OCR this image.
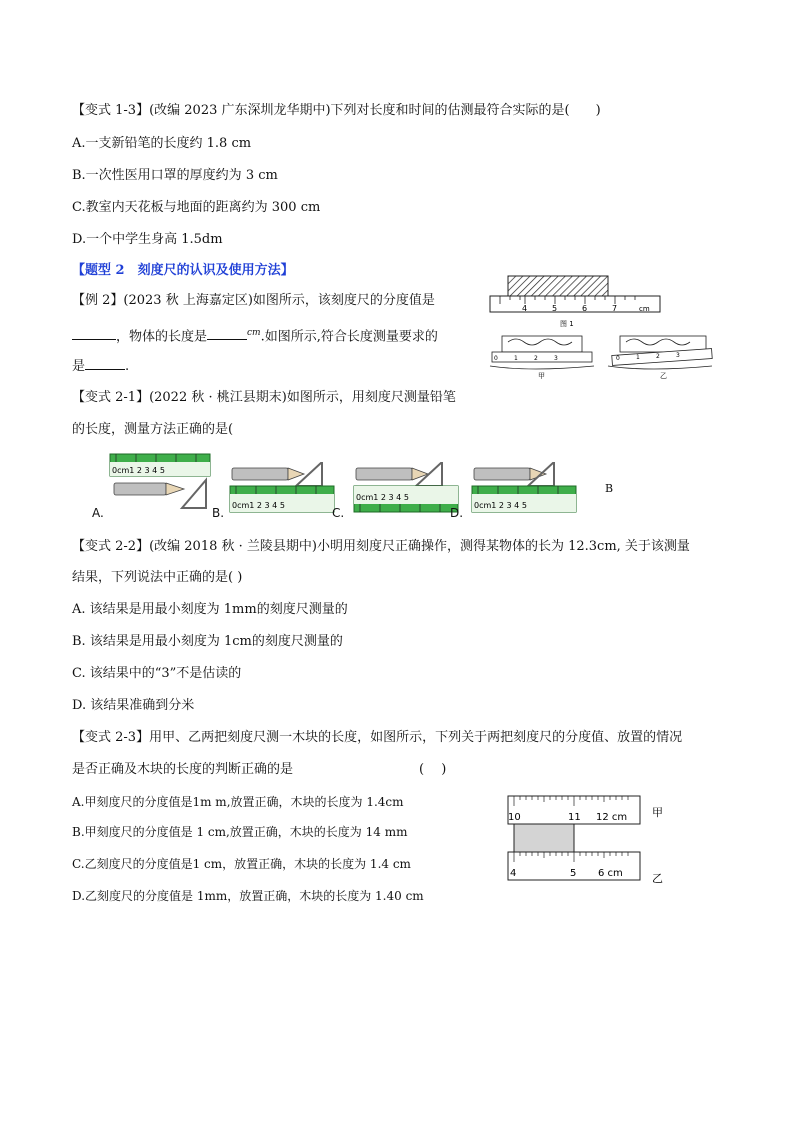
【变式 1-3】(改编 2023 广东深圳龙华期中)下列对长度和时间的估测最符合实际的是(　　)
A.一支新铅笔的长度约 1.8 cm
B.一次性医用口罩的厚度约为 3 cm
C.教室内天花板与地面的距离约为 300 cm
D.一个中学生身高 1.5dm
【题型 2　刻度尺的认识及使用方法】
【例 2】(2023 秋 上海嘉定区)如图所示，该刻度尺的分度值是
，物体的长度是	$^{cm}$.如图所示,符合长度测量要求的
是	.
4	5	6	7	cm
图 1
0	1	2	3
甲
0	1	2	3
乙
【变式 2-1】(2022 秋 · 桃江县期末)如图所示，用刻度尺测量铅笔
的长度，测量方法正确的是(
0cm1 2 3 4 5
A.
0cm1 2 3 4 5
B.
0cm1 2 3 4 5
C.
0cm1 2 3 4 5
D.
B
【变式 2-2】(改编 2018 秋 · 兰陵县期中)小明用刻度尺正确操作，测得某物体的长为 12.3cm, 关于该测量
结果，下列说法中正确的是( )
A. 该结果是用最小刻度为 1mm的刻度尺测量的
B. 该结果是用最小刻度为 1cm的刻度尺测量的
C. 该结果中的“3”不是估读的
D. 该结果准确到分米
【变式 2-3】用甲、乙两把刻度尺测一木块的长度，如图所示，下列关于两把刻度尺的分度值、放置的情况
是否正确及木块的长度的判断正确的是	(　 )
A.甲刻度尺的分度值是1m m,放置正确，木块的长度为 1.4cm
B.甲刻度尺的分度值是 1 cm,放置正确，木块的长度为 14 mm
C.乙刻度尺的分度值是1 cm，放置正确，木块的长度为 1.4 cm
D.乙刻度尺的分度值是 1mm，放置正确，木块的长度为 1.40 cm
10	11 12 cm 甲
4	5 6 cm	乙
